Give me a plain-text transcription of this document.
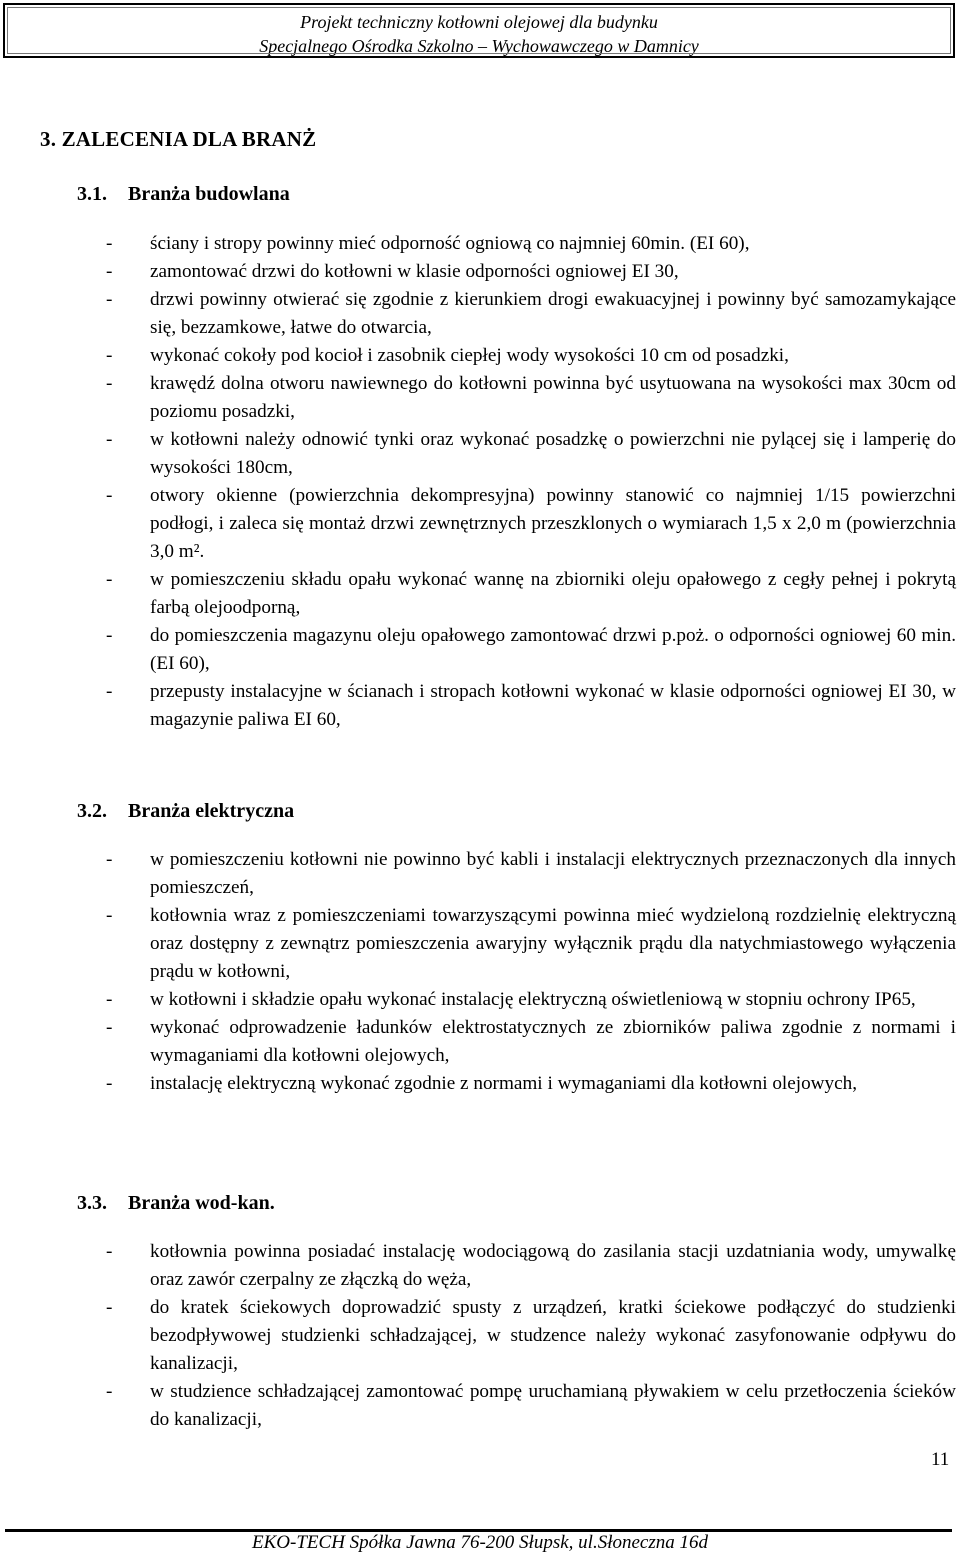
Projekt techniczny kotłowni olejowej dla budynku
Specjalnego Ośrodka Szkolno – Wychowawczego w Damnicy
3. ZALECENIA DLA BRANŻ
3.1. Branża budowlana
- ściany i stropy powinny mieć odporność ogniową co najmniej 60min. (EI 60),
- zamontować drzwi do kotłowni w klasie odporności ogniowej EI 30,
- drzwi powinny otwierać się zgodnie z kierunkiem drogi ewakuacyjnej i powinny być samozamykające się, bezzamkowe, łatwe do otwarcia,
- wykonać cokoły pod kocioł i zasobnik ciepłej wody wysokości 10 cm od posadzki,
- krawędź dolna otworu nawiewnego do kotłowni powinna być usytuowana na wysokości max 30cm od poziomu posadzki,
- w kotłowni należy odnowić tynki oraz wykonać posadzkę o powierzchni nie pylącej się i lamperię do wysokości 180cm,
- otwory okienne (powierzchnia dekompresyjna) powinny stanowić co najmniej 1/15 powierzchni podłogi, i zaleca się montaż drzwi zewnętrznych przeszklonych o wymiarach 1,5 x 2,0 m (powierzchnia 3,0 m².
- w pomieszczeniu składu opału wykonać wannę na zbiorniki oleju opałowego z cegły pełnej i pokrytą farbą olejoodporną,
- do pomieszczenia magazynu oleju opałowego zamontować drzwi p.poż. o odporności ogniowej 60 min. (EI 60),
- przepusty instalacyjne w ścianach i stropach kotłowni wykonać w klasie odporności ogniowej EI 30, w magazynie paliwa EI 60,
3.2. Branża elektryczna
- w pomieszczeniu kotłowni nie powinno być kabli i instalacji elektrycznych przeznaczonych dla innych pomieszczeń,
- kotłownia wraz z pomieszczeniami towarzyszącymi powinna mieć wydzieloną rozdzielnię elektryczną oraz dostępny z zewnątrz pomieszczenia awaryjny wyłącznik prądu dla natychmiastowego wyłączenia prądu w kotłowni,
- w kotłowni i składzie opału wykonać instalację elektryczną oświetleniową w stopniu ochrony IP65,
- wykonać odprowadzenie ładunków elektrostatycznych ze zbiorników paliwa zgodnie z normami i wymaganiami dla kotłowni olejowych,
- instalację elektryczną wykonać zgodnie z normami i wymaganiami dla kotłowni olejowych,
3.3. Branża wod-kan.
- kotłownia powinna posiadać instalację wodociągową do zasilania stacji uzdatniania wody, umywalkę oraz zawór czerpalny ze złączką do węża,
- do kratek ściekowych doprowadzić spusty z urządzeń, kratki ściekowe podłączyć do studzienki bezodpływowej studzienki schładzającej, w studzence należy wykonać zasyfonowanie odpływu do kanalizacji,
- w studzience schładzającej zamontować pompę uruchamianą pływakiem w celu przetłoczenia ścieków do kanalizacji,
11
EKO-TECH Spółka Jawna 76-200 Słupsk, ul.Słoneczna 16d
